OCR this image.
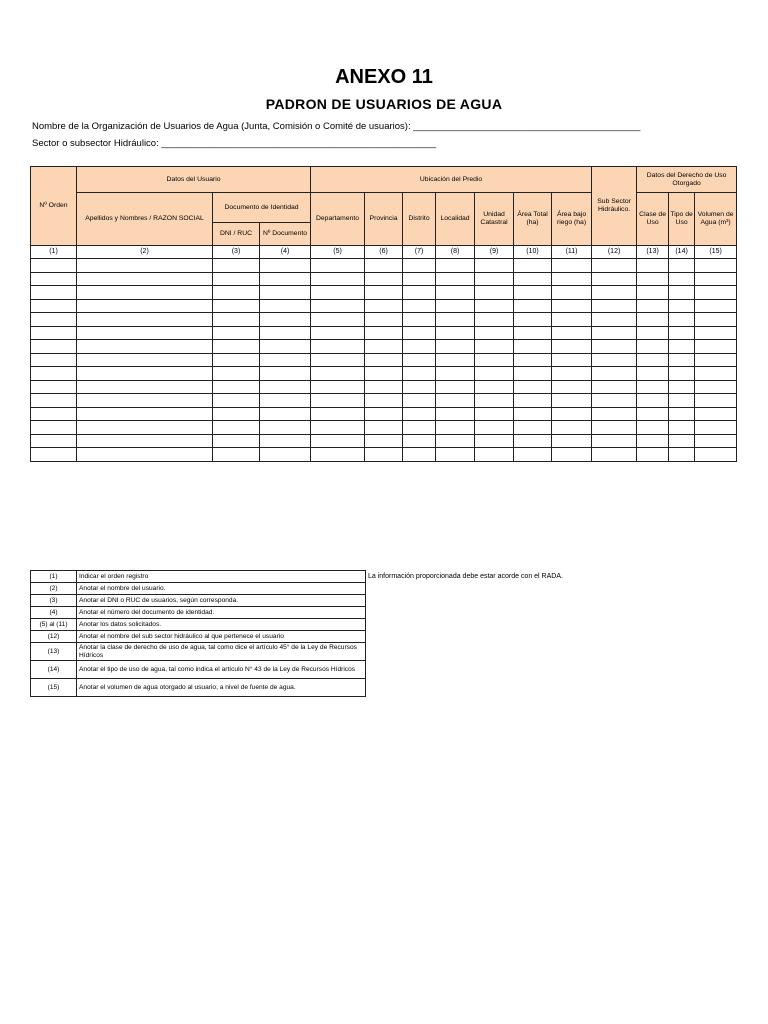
ANEXO 11
PADRON DE USUARIOS DE AGUA
Nombre de la Organización de Usuarios de Agua (Junta, Comisión o Comité de usuarios): ___________________________________________
Sector o subsector Hidráulico: ____________________________________________________
Nº Orden	Datos del Usuario			Ubicación del Predio							Sub Sector Hidráulico.	Datos del Derecho de Uso Otorgado		
	Apellidos y Nombres / RAZON SOCIAL	Documento de Identidad		Departamento	Provincia	Distrito	Localidad	Unidad Catastral	Área Total (ha)	Área bajo riego (ha)		Clase de Uso	Tipo de Uso	Volumen de Agua (m³)
		DNI / RUC	Nº Documento											
(1)	(2)	(3)	(4)	(5)	(6)	(7)	(8)	(9)	(10)	(11)	(12)	(13)	(14)	(15)

(1)	Indicar el orden registro
(2)	Anotar el nombre del usuario.
(3)	Anotar el DNI o RUC de usuarios, según corresponda.
(4)	Anotar el número del documento de identidad.
(5) al (11)	Anotar los datos solicitados.
(12)	Anotar el nombre del sub sector hidráulico al que pertenece el usuario
(13)	Anotar la clase de derecho de uso de agua, tal como dice el artículo 45° de la Ley de Recursos Hídricos
(14)	Anotar el tipo de uso de agua, tal como indica el artículo N° 43 de la Ley de Recursos Hídricos
(15)	Anotar el volumen de agua otorgado al usuario, a nivel de fuente de agua.
La información proporcionada debe estar acorde con el RADA.
